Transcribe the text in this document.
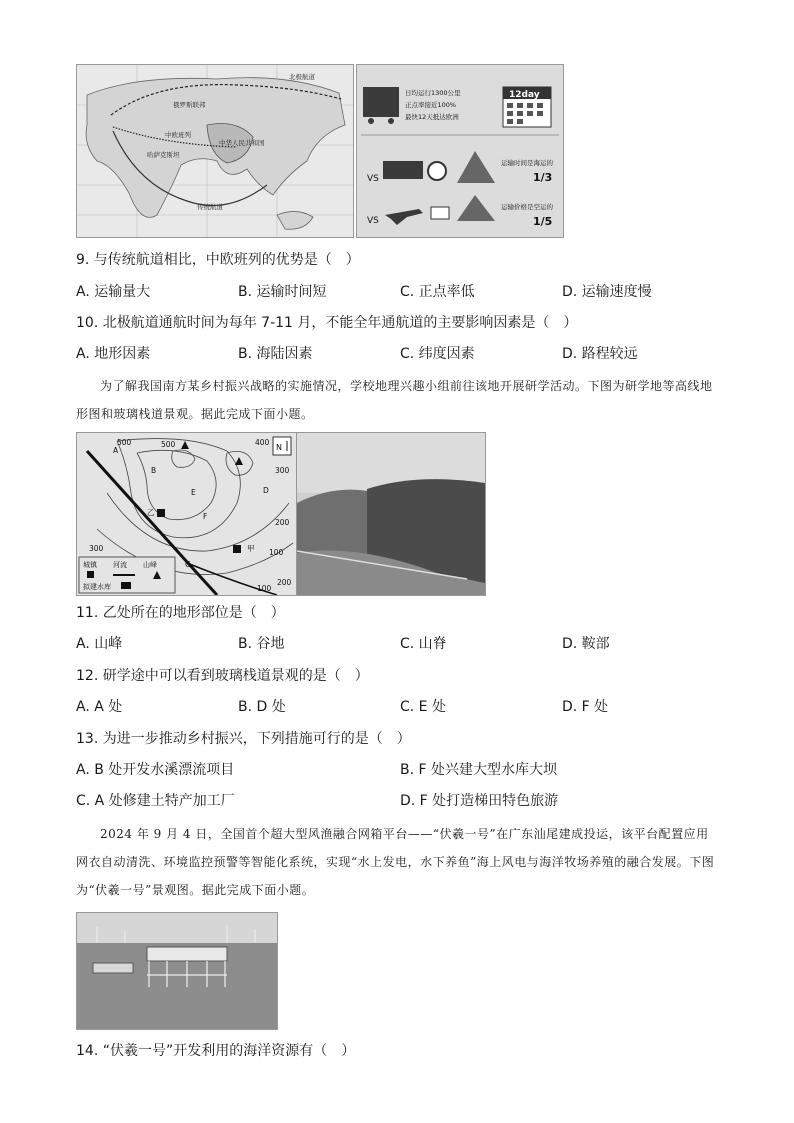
北极航道
中欧班列
传统航道
俄罗斯联邦
中华人民共和国
哈萨克斯坦
日均运行1300公里
正点率接近100%
最快12天抵达欧洲
12day
VS
运输时间是海运的
1/3
VS
运输价格是空运的
1/5
9. 与传统航道相比，中欧班列的优势是（　）
A. 运输量大	B. 运输时间短	C. 正点率低	D. 运输速度慢
10. 北极航道通航时间为每年 7-11 月，不能全年通航道的主要影响因素是（　）
A. 地形因素	B. 海陆因素	C. 纬度因素	D. 路程较远
为了解我国南方某乡村振兴战略的实施情况，学校地理兴趣小组前往该地开展研学活动。下图为研学地等高线地形图和玻璃栈道景观。据此完成下面小题。
N
500	400
300
200
100
500
300
200
100
A
B
C
D
E
F
乙
甲
城镇 河流 山峰
拟建水库
11. 乙处所在的地形部位是（　）
A. 山峰	B. 谷地	C. 山脊	D. 鞍部
12. 研学途中可以看到玻璃栈道景观的是（　）
A. A 处	B. D 处	C. E 处	D. F 处
13. 为进一步推动乡村振兴，下列措施可行的是（　）
A. B 处开发水溪漂流项目	B. F 处兴建大型水库大坝
C. A 处修建土特产加工厂	D. F 处打造梯田特色旅游
2024 年 9 月 4 日，全国首个超大型风渔融合网箱平台——“伏羲一号”在广东汕尾建成投运，该平台配置应用网衣自动清洗、环境监控预警等智能化系统，实现“水上发电，水下养鱼”海上风电与海洋牧场养殖的融合发展。下图为“伏羲一号”景观图。据此完成下面小题。
14. “伏羲一号”开发利用的海洋资源有（　）
